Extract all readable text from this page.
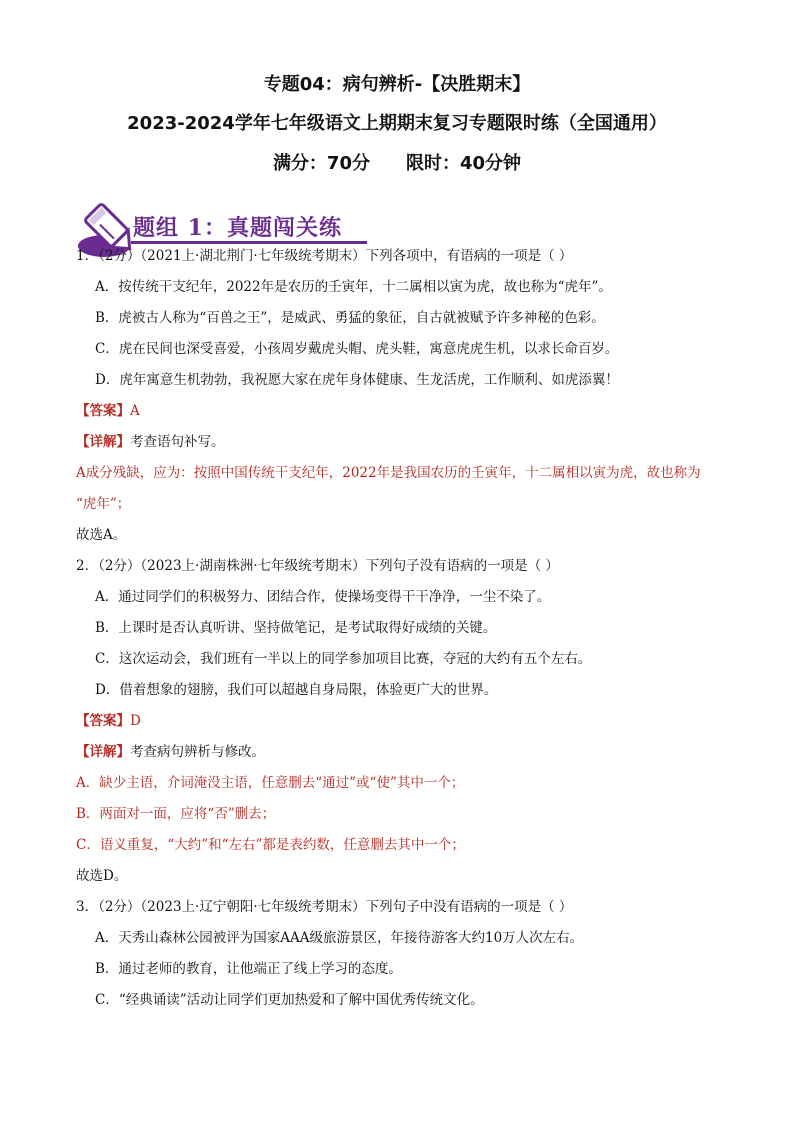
专题04：病句辨析-【决胜期末】
2023-2024学年七年级语文上期期末复习专题限时练（全国通用）
满分：70分 限时：40分钟
题组 1：真题闯关练
1．（2分）（2021上·湖北荆门·七年级统考期末）下列各项中，有语病的一项是（ ）
A．按传统干支纪年，2022年是农历的壬寅年，十二属相以寅为虎，故也称为“虎年”。
B．虎被古人称为“百兽之王”，是威武、勇猛的象征，自古就被赋予许多神秘的色彩。
C．虎在民间也深受喜爱，小孩周岁戴虎头帽、虎头鞋，寓意虎虎生机，以求长命百岁。
D．虎年寓意生机勃勃，我祝愿大家在虎年身体健康、生龙活虎，工作顺利、如虎添翼！
【答案】A
【详解】考查语句补写。
A成分残缺，应为：按照中国传统干支纪年，2022年是我国农历的壬寅年，十二属相以寅为虎，故也称为
“虎年”；
故选A。
2．（2分）（2023上·湖南株洲·七年级统考期末）下列句子没有语病的一项是（ ）
A．通过同学们的积极努力、团结合作，使操场变得干干净净，一尘不染了。
B．上课时是否认真听讲、坚持做笔记，是考试取得好成绩的关键。
C．这次运动会，我们班有一半以上的同学参加项目比赛，夺冠的大约有五个左右。
D．借着想象的翅膀，我们可以超越自身局限，体验更广大的世界。
【答案】D
【详解】考查病句辨析与修改。
A．缺少主语，介词淹没主语，任意删去“通过”或“使”其中一个；
B．两面对一面，应将“否”删去；
C．语义重复，“大约”和“左右”都是表约数，任意删去其中一个；
故选D。
3．（2分）（2023上·辽宁朝阳·七年级统考期末）下列句子中没有语病的一项是（ ）
A．天秀山森林公园被评为国家AAA级旅游景区，年接待游客大约10万人次左右。
B．通过老师的教育，让他端正了线上学习的态度。
C．“经典诵读”活动让同学们更加热爱和了解中国优秀传统文化。
